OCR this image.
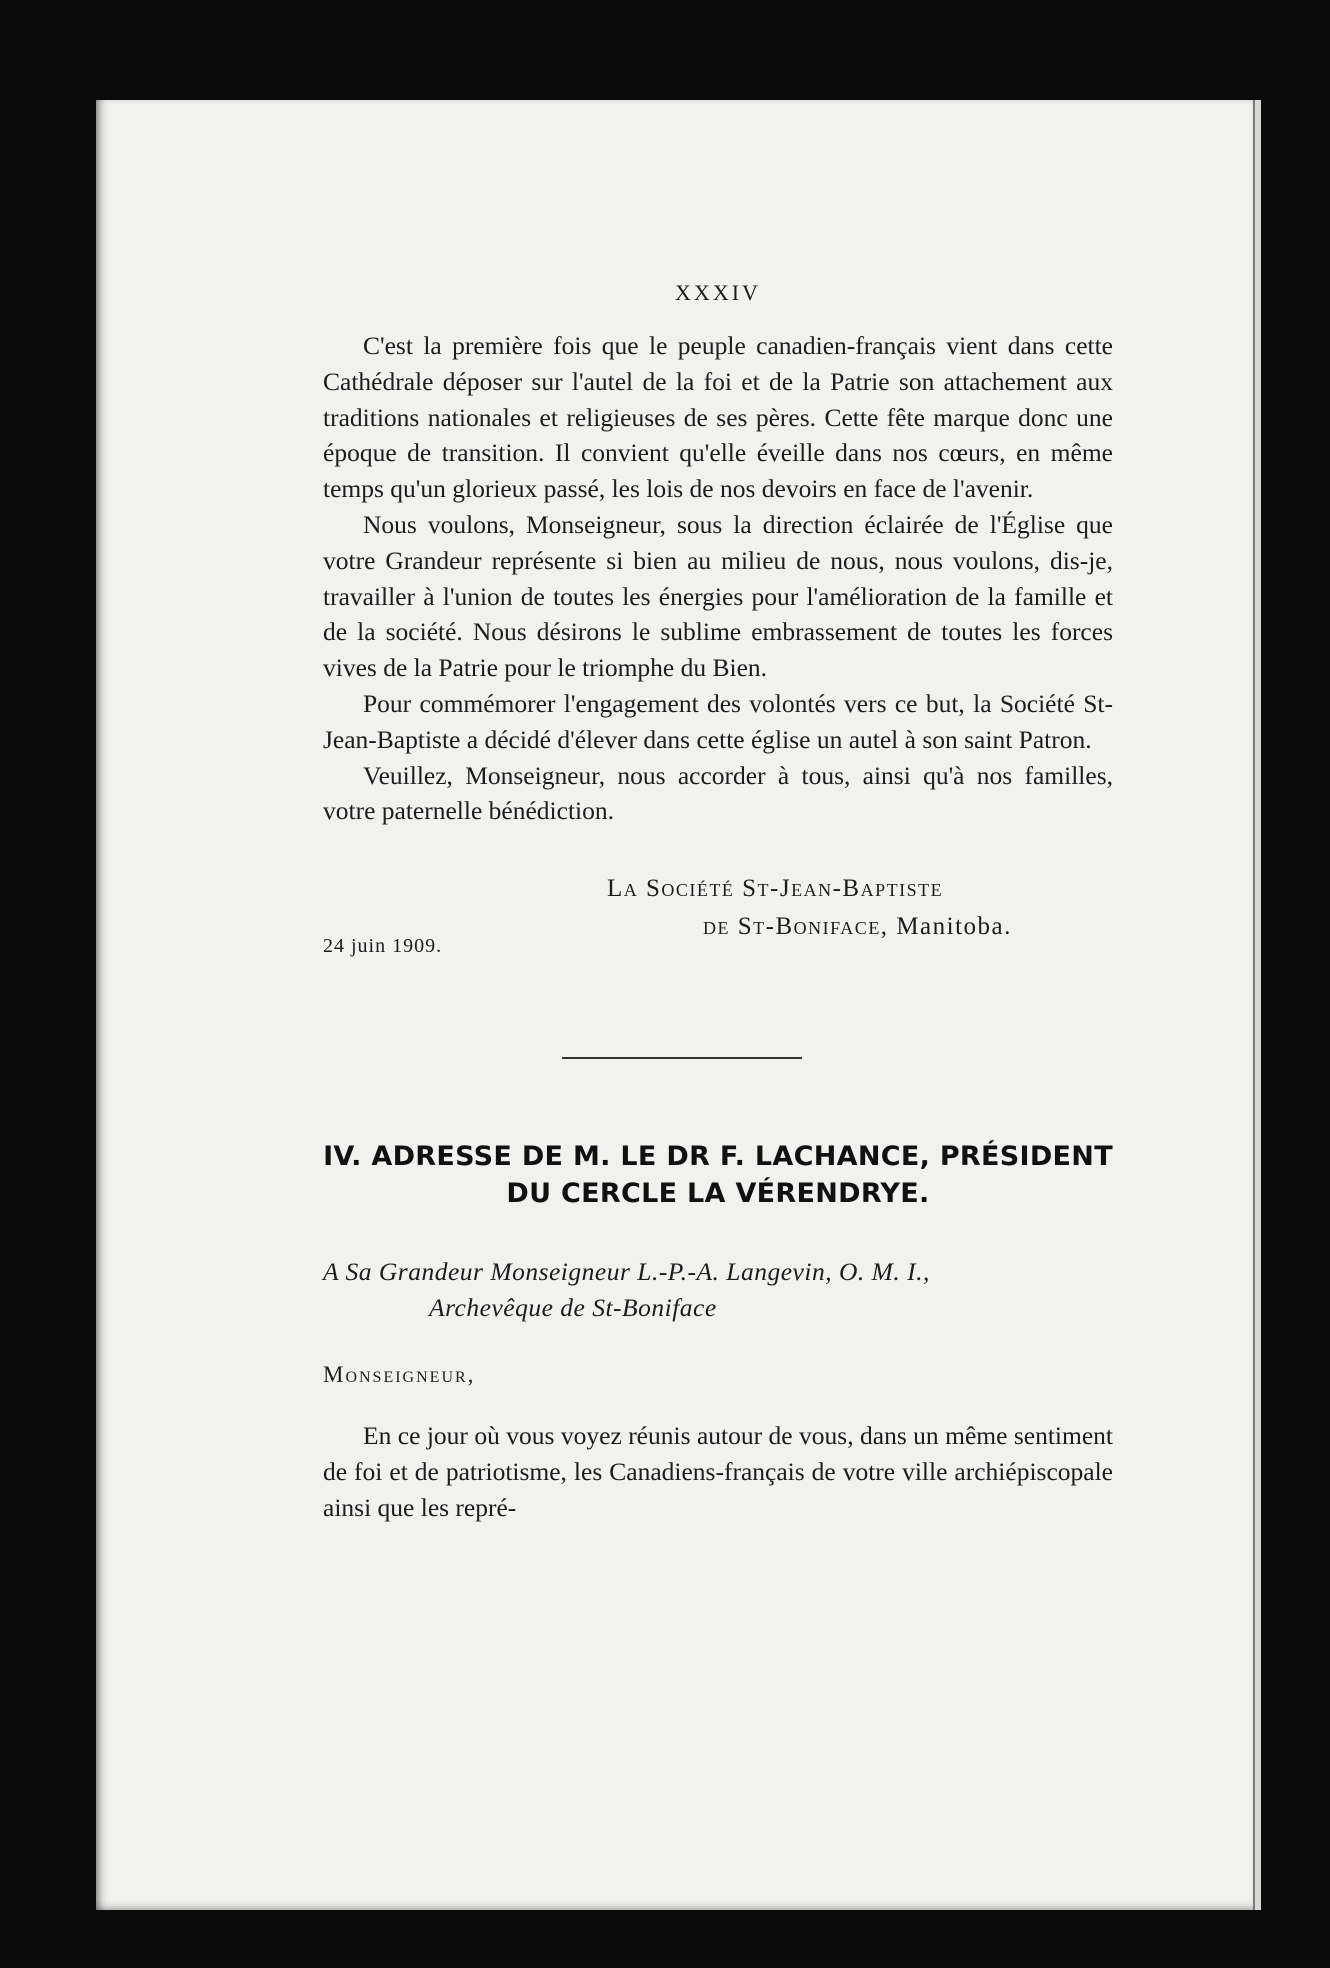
XXXIV

C'est la première fois que le peuple canadien-français vient dans cette Cathédrale déposer sur l'autel de la foi et de la Patrie son attachement aux traditions nationales et religieuses de ses pères. Cette fête marque donc une époque de transition. Il convient qu'elle éveille dans nos cœurs, en même temps qu'un glorieux passé, les lois de nos devoirs en face de l'avenir.

Nous voulons, Monseigneur, sous la direction éclairée de l'Église que votre Grandeur représente si bien au milieu de nous, nous voulons, dis-je, travailler à l'union de toutes les énergies pour l'amélioration de la famille et de la société. Nous désirons le sublime embrassement de toutes les forces vives de la Patrie pour le triomphe du Bien.

Pour commémorer l'engagement des volontés vers ce but, la Société St-Jean-Baptiste a décidé d'élever dans cette église un autel à son saint Patron.

Veuillez, Monseigneur, nous accorder à tous, ainsi qu'à nos familles, votre paternelle bénédiction.

La Société St-Jean-Baptiste
de St-Boniface, Manitoba.
24 juin 1909.
IV. ADRESSE DE M. LE DR F. LACHANCE, PRÉSIDENT
DU CERCLE LA VÉRENDRYE.
A Sa Grandeur Monseigneur L.-P.-A. Langevin, O. M. I.,
Archevêque de St-Boniface
Monseigneur,

En ce jour où vous voyez réunis autour de vous, dans un même sentiment de foi et de patriotisme, les Canadiens-français de votre ville archiépiscopale ainsi que les repré-
